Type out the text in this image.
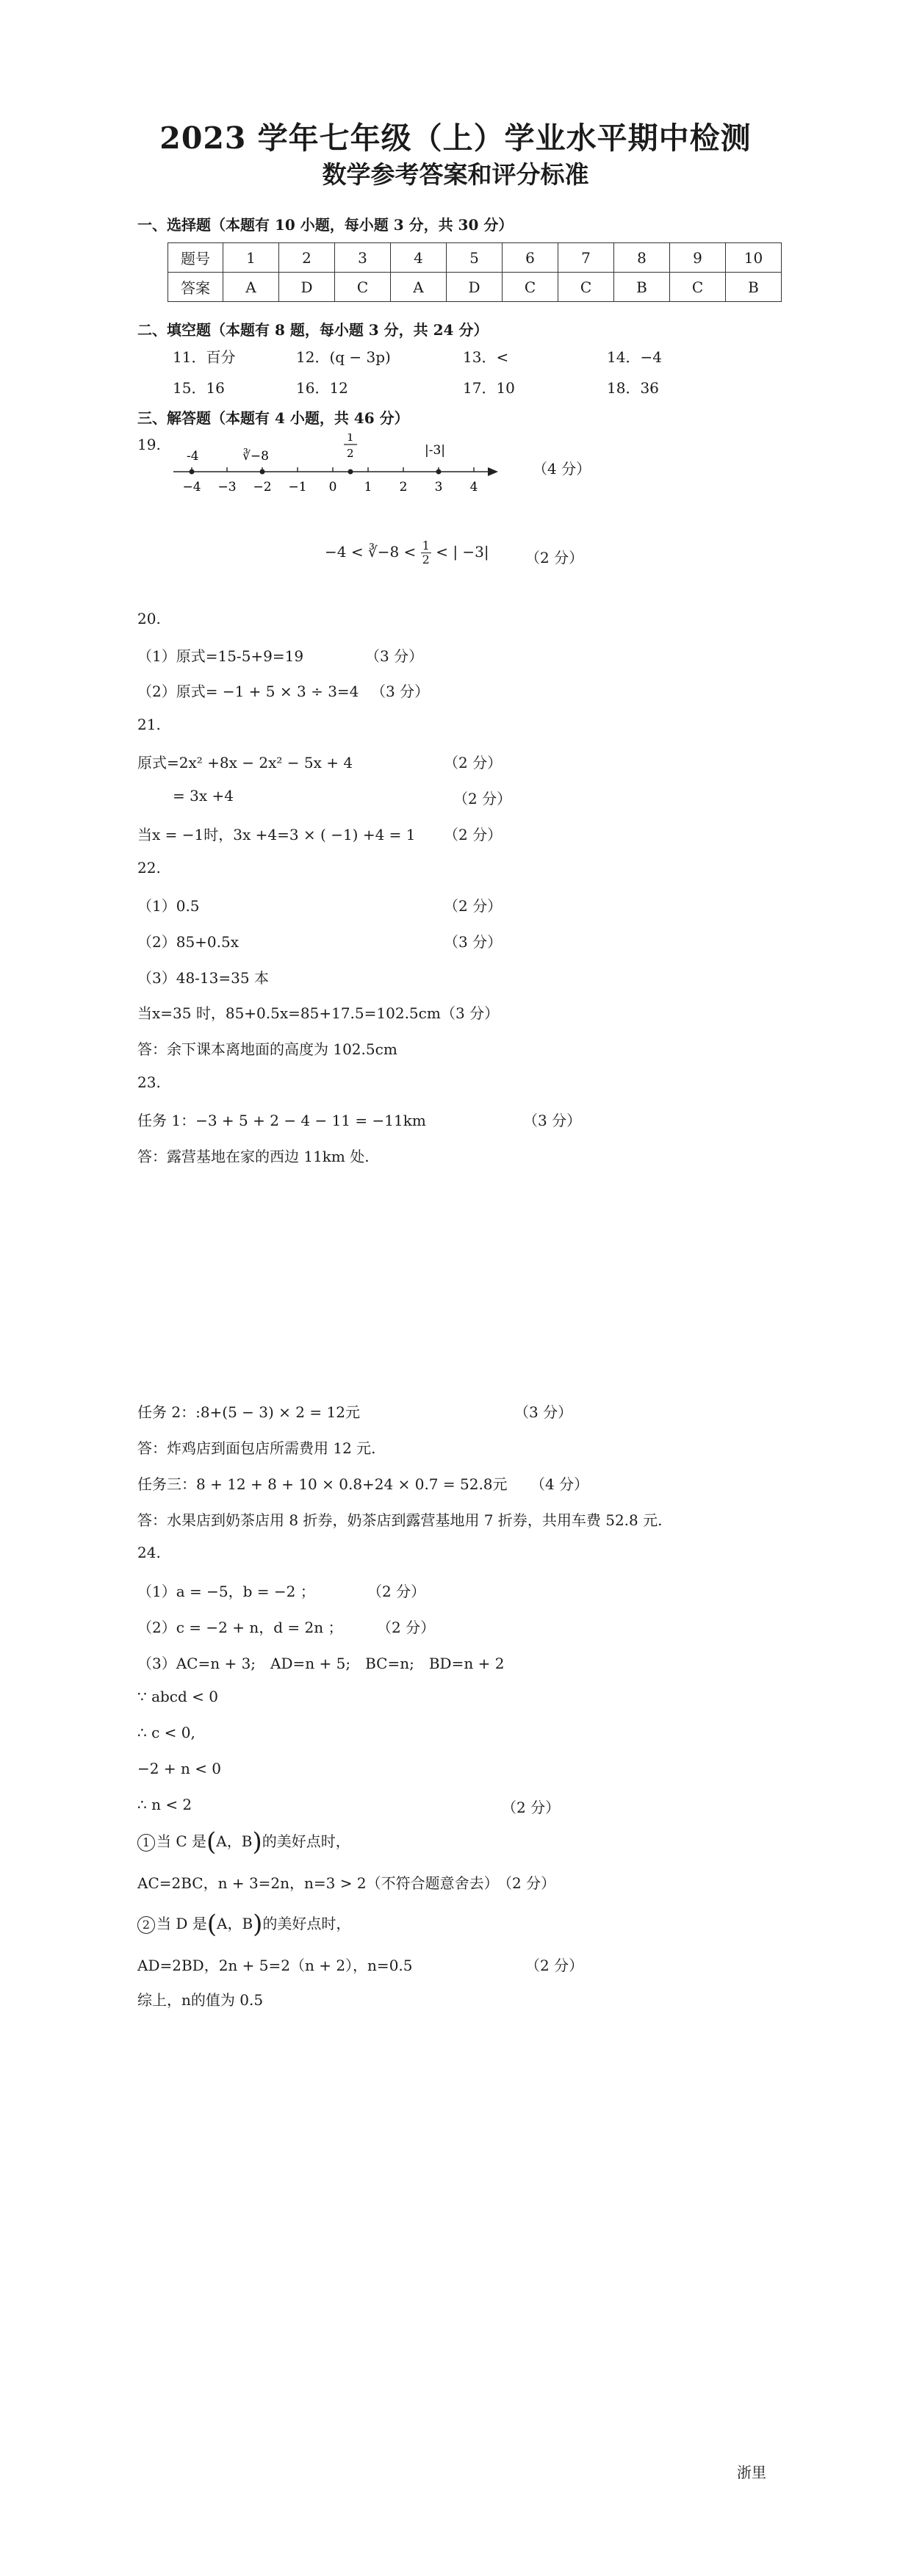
2023 学年七年级（上）学业水平期中检测
数学参考答案和评分标准
一、选择题（本题有 10 小题，每小题 3 分，共 30 分）
题号	1	2	3	4	5	6	7	8	9	10
答案	A	D	C	A	D	C	C	B	C	B
二、填空题（本题有 8 题，每小题 3 分，共 24 分）
11．百分	12．(q − 3p)	13．<	14．−4
15．16	16．12	17．10	18．36
三、解答题（本题有 4 小题，共 46 分）
19.
−4 −3 −2 −1 0 1 2 3 4
-4	∛−8
1
2	|-3|
（4 分）
−4 < ∛−8 < $\frac{1}{2}$ < | −3| （2 分）
20.
（1）原式=15-5+9=19	（3 分）
（2）原式= −1 + 5 × 3 ÷ 3=4 （3 分）
21.
原式=2x² +8x − 2x² − 5x + 4	（2 分）
= 3x +4	（2 分）
当x = −1时，3x +4=3 × ( −1) +4 = 1 （2 分）
22.
（1）0.5	（2 分）
（2）85+0.5x	（3 分）
（3）48-13=35 本
当x=35 时，85+0.5x=85+17.5=102.5cm （3 分）
答：余下课本离地面的高度为 102.5cm
23.
任务 1：−3 + 5 + 2 − 4 − 11 = −11km	（3 分）
答：露营基地在家的西边 11km 处.
任务 2：:8+(5 − 3) × 2 = 12元	（3 分）
答：炸鸡店到面包店所需费用 12 元.
任务三：8 + 12 + 8 + 10 × 0.8+24 × 0.7 = 52.8元 （4 分）
答：水果店到奶茶店用 8 折券，奶茶店到露营基地用 7 折券，共用车费 52.8 元.
24.
（1）a = −5，b = −2 ；	（2 分）
（2）c = −2 + n，d = 2n ； （2 分）
（3）AC=n + 3;　AD=n + 5;　BC=n;　BD=n + 2
∵ abcd < 0
∴ c < 0,
−2 + n < 0
∴ n < 2	（2 分）
1 当 C 是(A，B)的美好点时，
AC=2BC，n + 3=2n，n=3 > 2（不符合题意舍去）
（2 分）
2 当 D 是(A，B)的美好点时，
AD=2BD，2n + 5=2（n + 2），n=0.5	（2 分）
综上，n的值为 0.5
浙里
